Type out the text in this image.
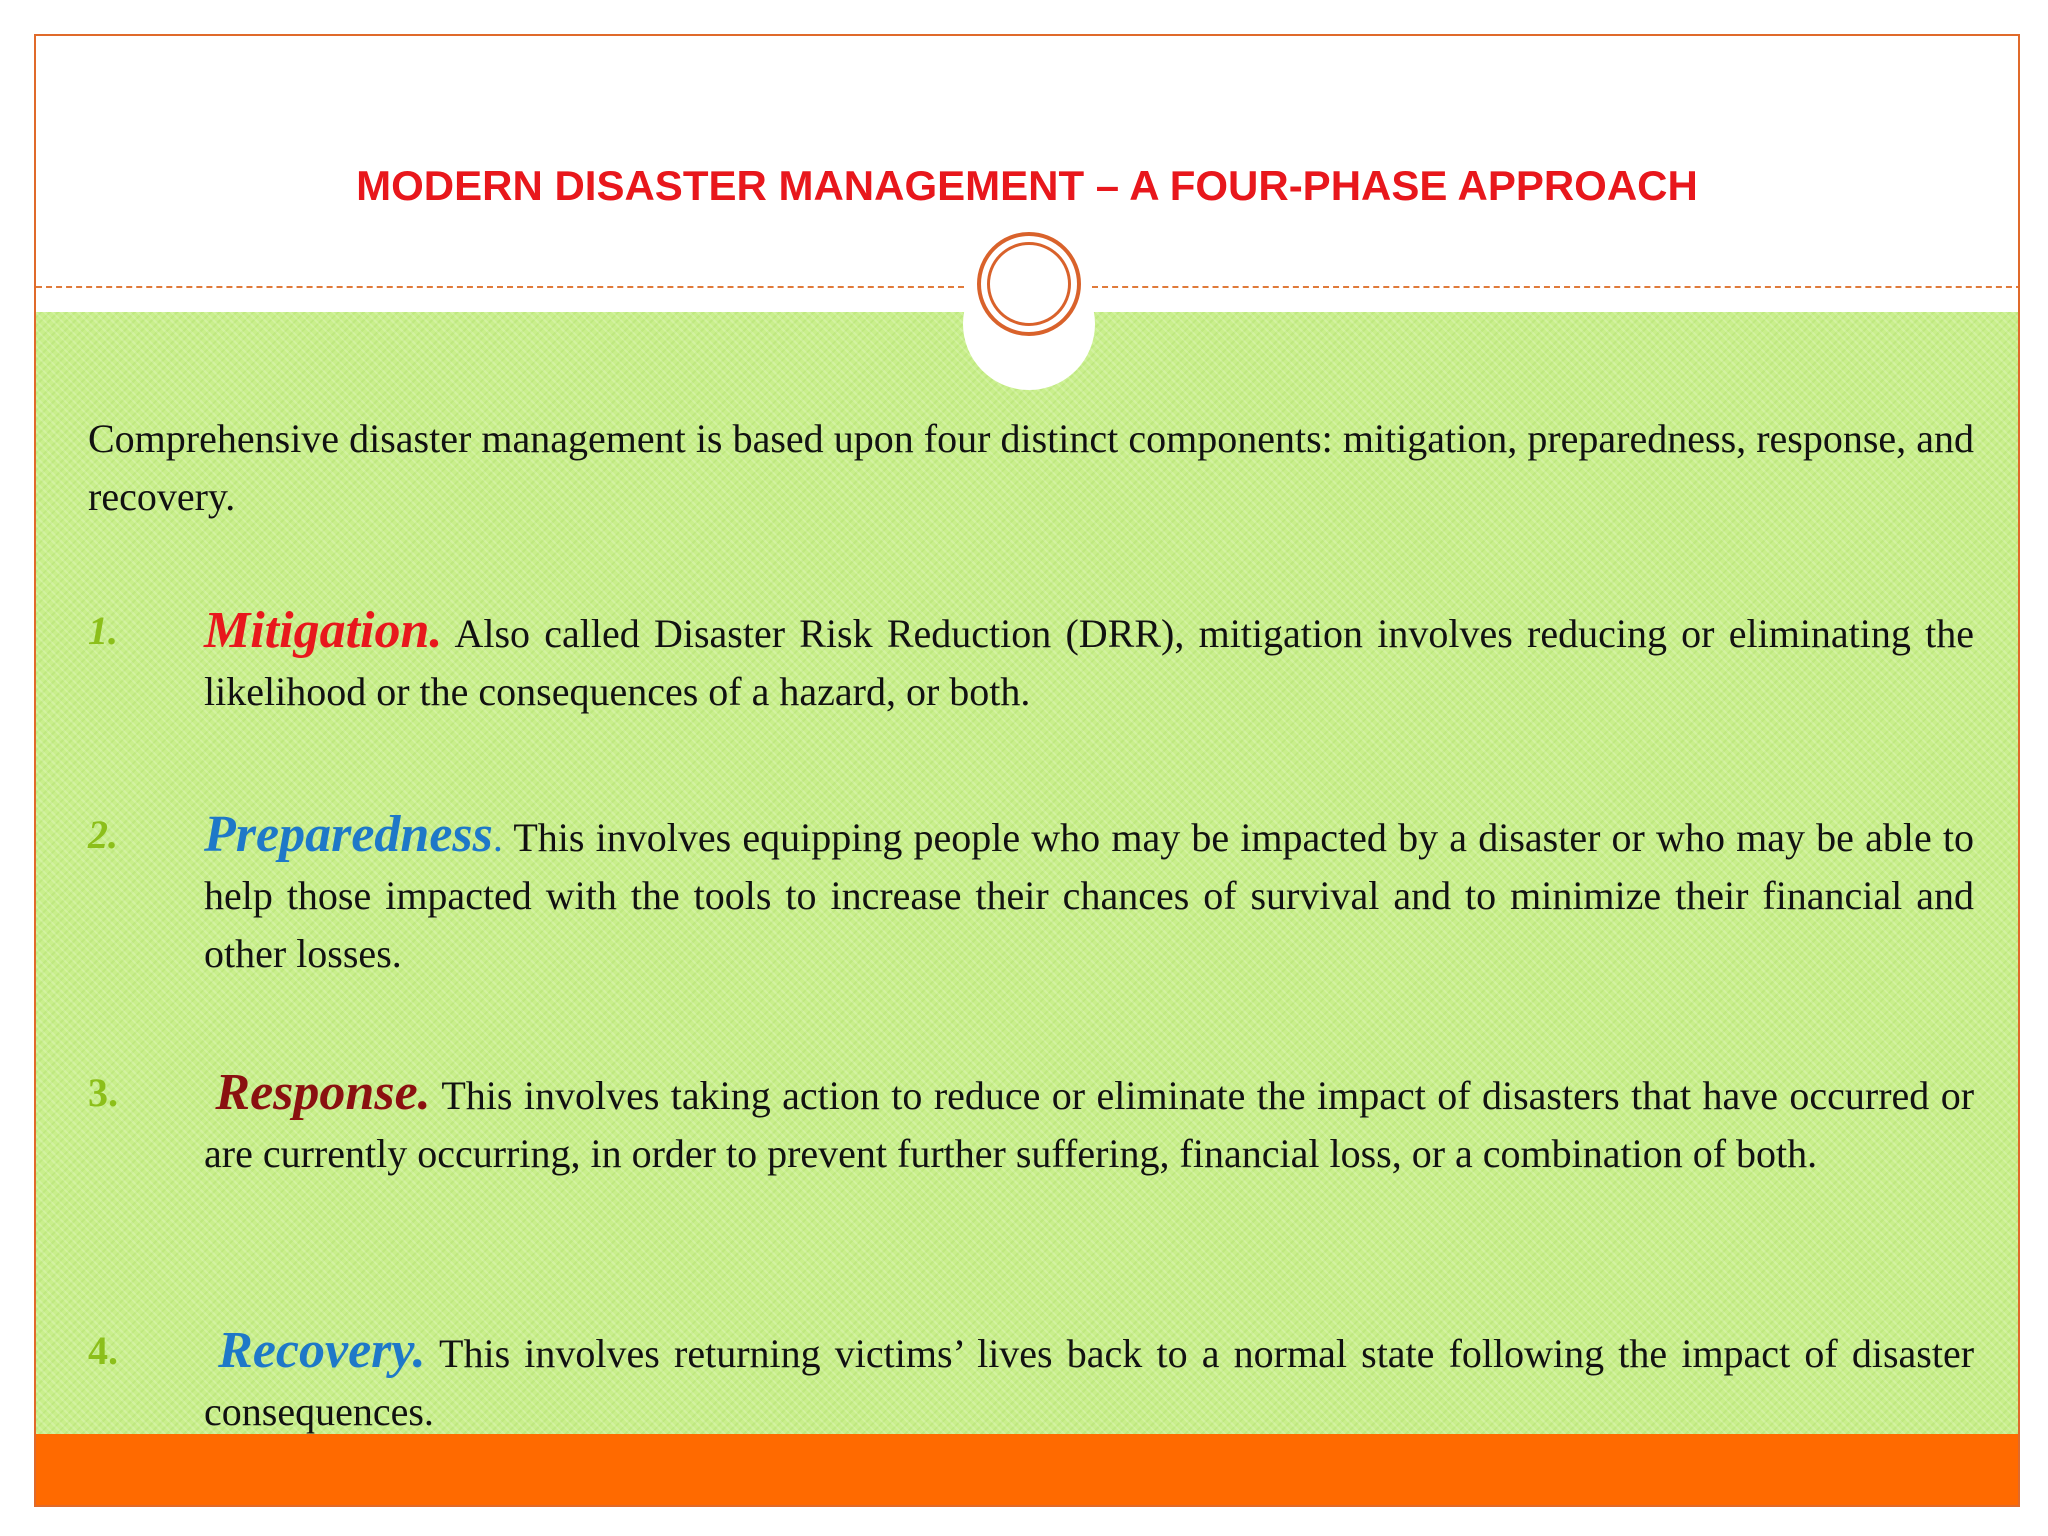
MODERN DISASTER MANAGEMENT – A FOUR-PHASE APPROACH
Comprehensive disaster management is based upon four distinct components: mitigation, preparedness, response, and recovery.
1.	Mitigation. Also called Disaster Risk Reduction (DRR), mitigation involves reducing or eliminating the likelihood or the consequences of a hazard, or both.
2.	Preparedness. This involves equipping people who may be impacted by a disaster or who may be able to help those impacted with the tools to increase their chances of survival and to minimize their financial and other losses.
3.	Response. This involves taking action to reduce or eliminate the impact of disasters that have occurred or are currently occurring, in order to prevent further suffering, financial loss, or a combination of both.
4.	Recovery. This involves returning victims’ lives back to a normal state following the impact of disaster consequences.
